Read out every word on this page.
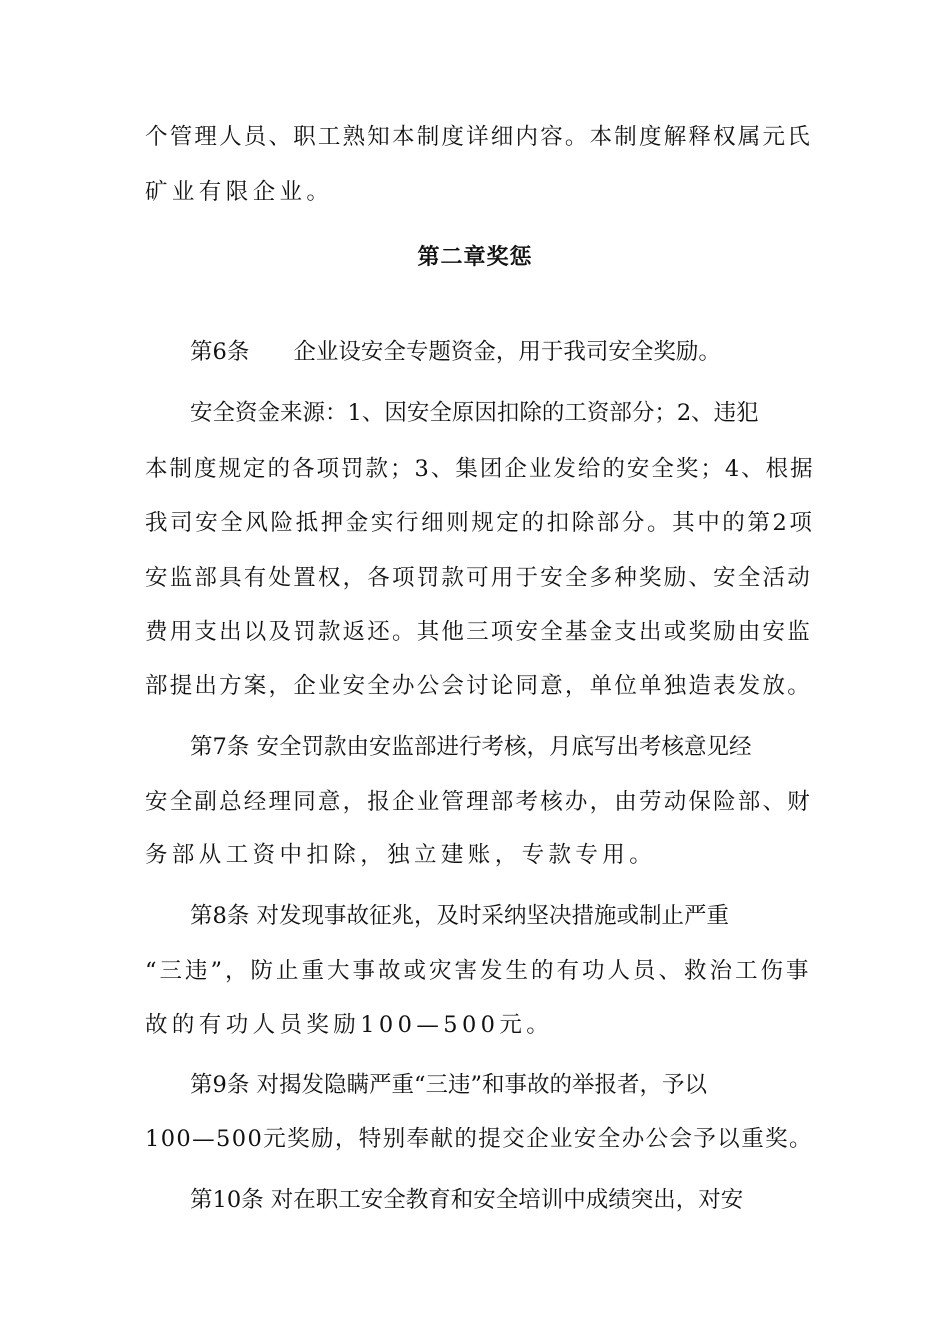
个管理人员、职工熟知本制度详细内容。本制度解释权属元氏
矿业有限企业。
第二章奖惩
第6条 企业设安全专题资金，用于我司安全奖励。
安全资金来源：1、因安全原因扣除的工资部分；2、违犯
本制度规定的各项罚款；3、集团企业发给的安全奖；4、根据
我司安全风险抵押金实行细则规定的扣除部分。其中的第2项
安监部具有处置权，各项罚款可用于安全多种奖励、安全活动
费用支出以及罚款返还。其他三项安全基金支出或奖励由安监
部提出方案，企业安全办公会讨论同意，单位单独造表发放。
第7条 安全罚款由安监部进行考核，月底写出考核意见经
安全副总经理同意，报企业管理部考核办，由劳动保险部、财
务部从工资中扣除，独立建账，专款专用。
第8条 对发现事故征兆，及时采纳坚决措施或制止严重
“三违”，防止重大事故或灾害发生的有功人员、救治工伤事
故的有功人员奖励100—500元。
第9条 对揭发隐瞒严重“三违”和事故的举报者，予以
100—500元奖励，特别奉献的提交企业安全办公会予以重奖。
第10条 对在职工安全教育和安全培训中成绩突出，对安
